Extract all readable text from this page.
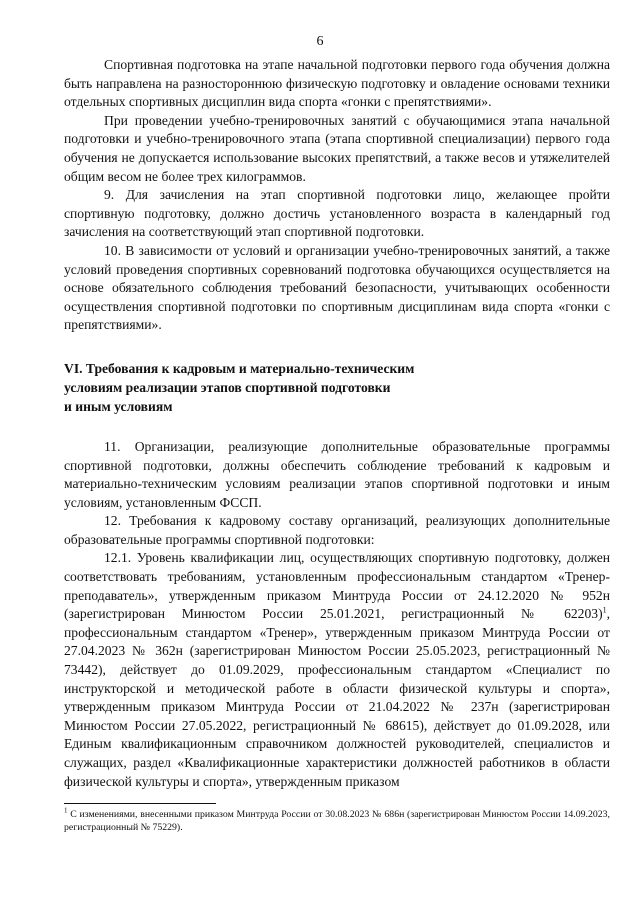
6

Спортивная подготовка на этапе начальной подготовки первого года обучения должна быть направлена на разностороннюю физическую подготовку и овладение основами техники отдельных спортивных дисциплин вида спорта «гонки с препятствиями».

При проведении учебно-тренировочных занятий с обучающимися этапа начальной подготовки и учебно-тренировочного этапа (этапа спортивной специализации) первого года обучения не допускается использование высоких препятствий, а также весов и утяжелителей общим весом не более трех килограммов.

9. Для зачисления на этап спортивной подготовки лицо, желающее пройти спортивную подготовку, должно достичь установленного возраста в календарный год зачисления на соответствующий этап спортивной подготовки.

10. В зависимости от условий и организации учебно-тренировочных занятий, а также условий проведения спортивных соревнований подготовка обучающихся осуществляется на основе обязательного соблюдения требований безопасности, учитывающих особенности осуществления спортивной подготовки по спортивным дисциплинам вида спорта «гонки с препятствиями».

VI. Требования к кадровым и материально-техническим
условиям реализации этапов спортивной подготовки
и иным условиям

11. Организации, реализующие дополнительные образовательные программы спортивной подготовки, должны обеспечить соблюдение требований к кадровым и материально-техническим условиям реализации этапов спортивной подготовки и иным условиям, установленным ФССП.

12. Требования к кадровому составу организаций, реализующих дополнительные образовательные программы спортивной подготовки:

12.1. Уровень квалификации лиц, осуществляющих спортивную подготовку, должен соответствовать требованиям, установленным профессиональным стандартом «Тренер-преподаватель», утвержденным приказом Минтруда России от 24.12.2020 № 952н (зарегистрирован Минюстом России 25.01.2021, регистрационный № 62203)$^1$, профессиональным стандартом «Тренер», утвержденным приказом Минтруда России от 27.04.2023 № 362н (зарегистрирован Минюстом России 25.05.2023, регистрационный № 73442), действует до 01.09.2029, профессиональным стандартом «Специалист по инструкторской и методической работе в области физической культуры и спорта», утвержденным приказом Минтруда России от 21.04.2022 № 237н (зарегистрирован Минюстом России 27.05.2022, регистрационный № 68615), действует до 01.09.2028, или Единым квалификационным справочником должностей руководителей, специалистов и служащих, раздел «Квалификационные характеристики должностей работников в области физической культуры и спорта», утвержденным приказом

$^1$ С изменениями, внесенными приказом Минтруда России от 30.08.2023 № 686н (зарегистрирован Минюстом России 14.09.2023, регистрационный № 75229).
